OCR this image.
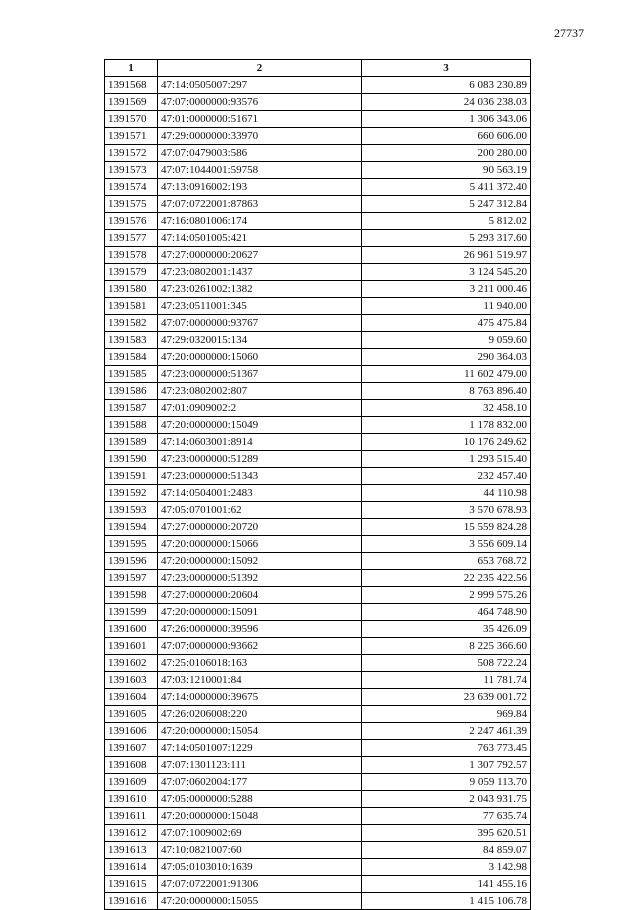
27737
1	2	3
1391568	47:14:0505007:297	6 083 230.89
1391569	47:07:0000000:93576	24 036 238.03
1391570	47:01:0000000:51671	1 306 343.06
1391571	47:29:0000000:33970	660 606.00
1391572	47:07:0479003:586	200 280.00
1391573	47:07:1044001:59758	90 563.19
1391574	47:13:0916002:193	5 411 372.40
1391575	47:07:0722001:87863	5 247 312.84
1391576	47:16:0801006:174	5 812.02
1391577	47:14:0501005:421	5 293 317.60
1391578	47:27:0000000:20627	26 961 519.97
1391579	47:23:0802001:1437	3 124 545.20
1391580	47:23:0261002:1382	3 211 000.46
1391581	47:23:0511001:345	11 940.00
1391582	47:07:0000000:93767	475 475.84
1391583	47:29:0320015:134	9 059.60
1391584	47:20:0000000:15060	290 364.03
1391585	47:23:0000000:51367	11 602 479.00
1391586	47:23:0802002:807	8 763 896.40
1391587	47:01:0909002:2	32 458.10
1391588	47:20:0000000:15049	1 178 832.00
1391589	47:14:0603001:8914	10 176 249.62
1391590	47:23:0000000:51289	1 293 515.40
1391591	47:23:0000000:51343	232 457.40
1391592	47:14:0504001:2483	44 110.98
1391593	47:05:0701001:62	3 570 678.93
1391594	47:27:0000000:20720	15 559 824.28
1391595	47:20:0000000:15066	3 556 609.14
1391596	47:20:0000000:15092	653 768.72
1391597	47:23:0000000:51392	22 235 422.56
1391598	47:27:0000000:20604	2 999 575.26
1391599	47:20:0000000:15091	464 748.90
1391600	47:26:0000000:39596	35 426.09
1391601	47:07:0000000:93662	8 225 366.60
1391602	47:25:0106018:163	508 722.24
1391603	47:03:1210001:84	11 781.74
1391604	47:14:0000000:39675	23 639 001.72
1391605	47:26:0206008:220	969.84
1391606	47:20:0000000:15054	2 247 461.39
1391607	47:14:0501007:1229	763 773.45
1391608	47:07:1301123:111	1 307 792.57
1391609	47:07:0602004:177	9 059 113.70
1391610	47:05:0000000:5288	2 043 931.75
1391611	47:20:0000000:15048	77 635.74
1391612	47:07:1009002:69	395 620.51
1391613	47:10:0821007:60	84 859.07
1391614	47:05:0103010:1639	3 142.98
1391615	47:07:0722001:91306	141 455.16
1391616	47:20:0000000:15055	1 415 106.78
